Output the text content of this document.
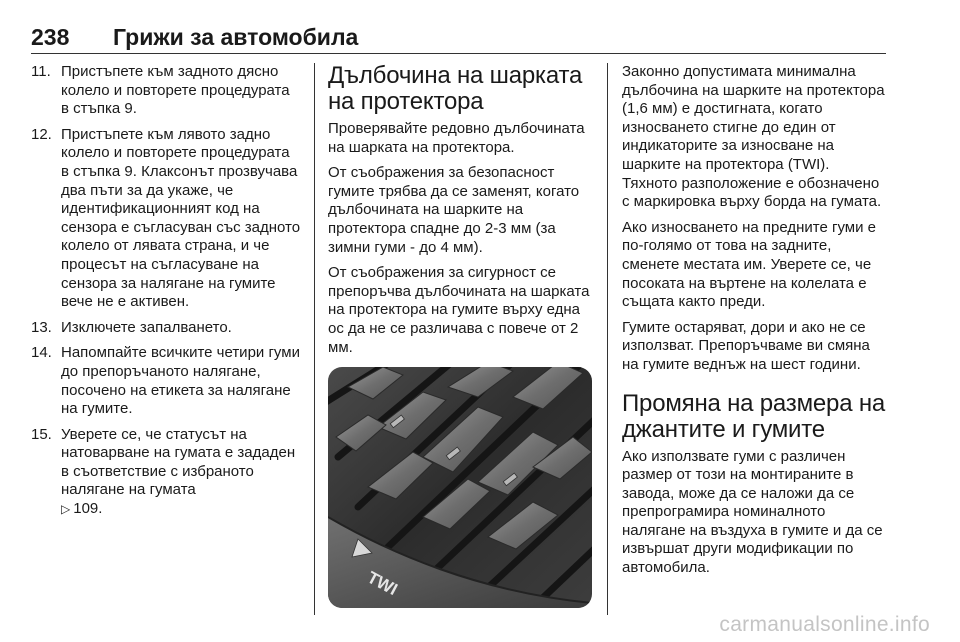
238 Грижи за автомобила
11. Пристъпете към задното дясно колело и повторете процедурата в стъпка 9.
12. Пристъпете към лявото задно колело и повторете процедурата в стъпка 9. Клаксонът прозвучава два пъти за да укаже, че идентификационният код на сензора е съгласуван със задното колело от лявата страна, и че процесът на съгласуване на сензора за налягане на гумите вече не е активен.
13. Изключете запалването.
14. Напомпайте всичките четири гуми до препоръчаното налягане, посочено на етикета за налягане на гумите.
15. Уверете се, че статусът на натоварване на гумата е зададен в съответствие с избраното налягане на гумата
▷ 109.
Дълбочина на шарката на протектора

Проверявайте редовно дълбочината на шарката на протектора.

От съображения за безопасност гумите трябва да се заменят, когато дълбочината на шарките на протектора спадне до 2-3 мм (за зимни гуми - до 4 мм).

От съображения за сигурност се препоръчва дълбочината на шарката на протектора на гумите върху една ос да не се различава с повече от 2 мм.

TWI

Законно допустимата минимална дълбочина на шарките на протектора (1,6 мм) е достигната, когато износването стигне до един от индикаторите за износване на шарките на протектора (TWI). Тяхното разположение е обозначено с маркировка върху борда на гумата.

Ако износването на предните гуми е по-голямо от това на задните, сменете местата им. Уверете се, че посоката на въртене на колелата е същата както преди.

Гумите остаряват, дори и ако не се използват. Препоръчваме ви смяна на гумите веднъж на шест години.

Промяна на размера на джантите и гумите

Ако използвате гуми с различен размер от този на монтираните в завода, може да се наложи да се препрограмира номиналното налягане на въздуха в гумите и да се извършат други модификации по автомобила.

carmanualsonline.info
